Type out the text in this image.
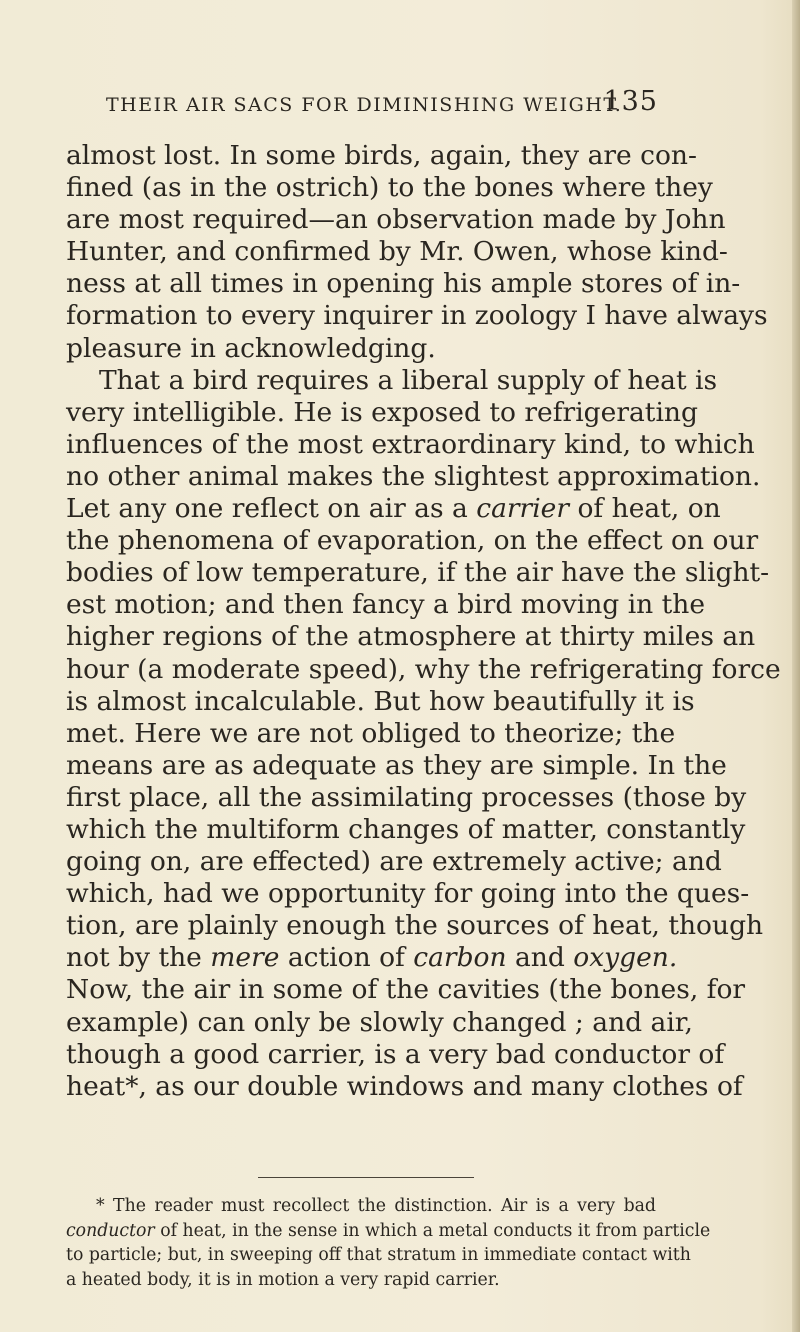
THEIR AIR SACS FOR DIMINISHING WEIGHT.
135
almost lost. In some birds, again, they are con-
fined (as in the ostrich) to the bones where they
are most required—an observation made by John
Hunter, and confirmed by Mr. Owen, whose kind-
ness at all times in opening his ample stores of in-
formation to every inquirer in zoology I have always
pleasure in acknowledging.
That a bird requires a liberal supply of heat is
very intelligible. He is exposed to refrigerating
influences of the most extraordinary kind, to which
no other animal makes the slightest approximation.
Let any one reflect on air as a carrier of heat, on
the phenomena of evaporation, on the effect on our
bodies of low temperature, if the air have the slight-
est motion; and then fancy a bird moving in the
higher regions of the atmosphere at thirty miles an
hour (a moderate speed), why the refrigerating force
is almost incalculable. But how beautifully it is
met. Here we are not obliged to theorize; the
means are as adequate as they are simple. In the
first place, all the assimilating processes (those by
which the multiform changes of matter, constantly
going on, are effected) are extremely active; and
which, had we opportunity for going into the ques-
tion, are plainly enough the sources of heat, though
not by the mere action of carbon and oxygen.
Now, the air in some of the cavities (the bones, for
example) can only be slowly changed ; and air,
though a good carrier, is a very bad conductor of
heat*, as our double windows and many clothes of
* The reader must recollect the distinction. Air is a very bad
conductor of heat, in the sense in which a metal conducts it from particle
to particle; but, in sweeping off that stratum in immediate contact with
a heated body, it is in motion a very rapid carrier.
